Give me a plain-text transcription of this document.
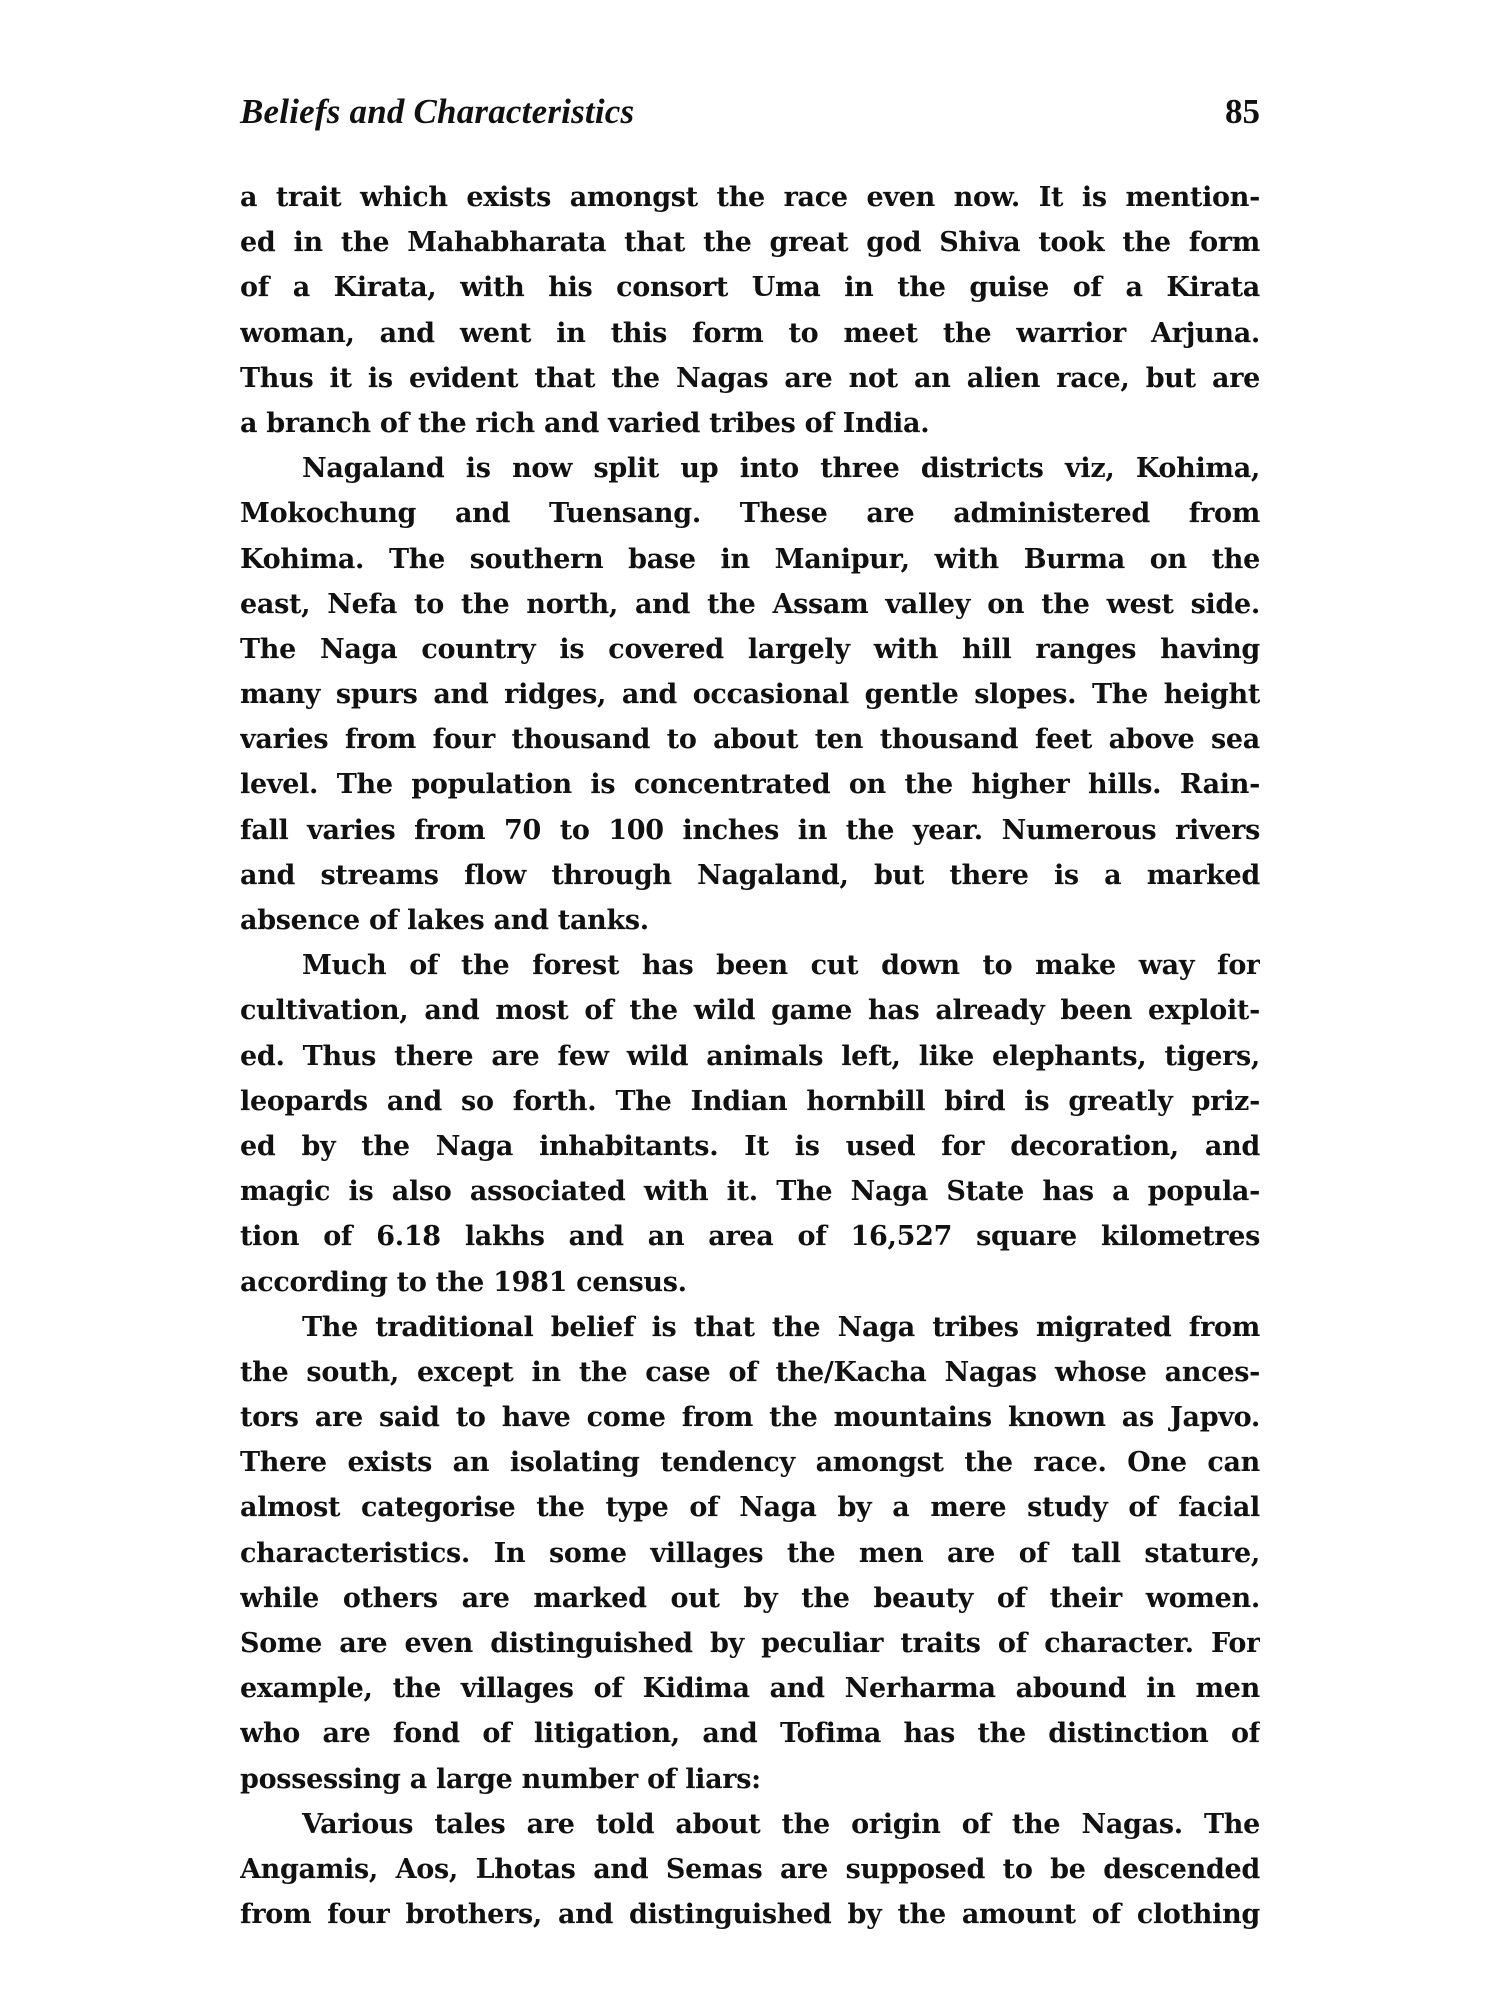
Beliefs and Characteristics	85
a trait which exists amongst the race even now. It is mention-
ed in the Mahabharata that the great god Shiva took the form
of a Kirata, with his consort Uma in the guise of a Kirata
woman, and went in this form to meet the warrior Arjuna.
Thus it is evident that the Nagas are not an alien race, but are
a branch of the rich and varied tribes of India.
Nagaland is now split up into three districts viz, Kohima,
Mokochung and Tuensang. These are administered from
Kohima. The southern base in Manipur, with Burma on the
east, Nefa to the north, and the Assam valley on the west side.
The Naga country is covered largely with hill ranges having
many spurs and ridges, and occasional gentle slopes. The height
varies from four thousand to about ten thousand feet above sea
level. The population is concentrated on the higher hills. Rain-
fall varies from 70 to 100 inches in the year. Numerous rivers
and streams flow through Nagaland, but there is a marked
absence of lakes and tanks.
Much of the forest has been cut down to make way for
cultivation, and most of the wild game has already been exploit-
ed. Thus there are few wild animals left, like elephants, tigers,
leopards and so forth. The Indian hornbill bird is greatly priz-
ed by the Naga inhabitants. It is used for decoration, and
magic is also associated with it. The Naga State has a popula-
tion of 6.18 lakhs and an area of 16,527 square kilometres
according to the 1981 census.
The traditional belief is that the Naga tribes migrated from
the south, except in the case of the/Kacha Nagas whose ances-
tors are said to have come from the mountains known as Japvo.
There exists an isolating tendency amongst the race. One can
almost categorise the type of Naga by a mere study of facial
characteristics. In some villages the men are of tall stature,
while others are marked out by the beauty of their women.
Some are even distinguished by peculiar traits of character. For
example, the villages of Kidima and Nerharma abound in men
who are fond of litigation, and Tofima has the distinction of
possessing a large number of liars:
Various tales are told about the origin of the Nagas. The
Angamis, Aos, Lhotas and Semas are supposed to be descended
from four brothers, and distinguished by the amount of clothing
